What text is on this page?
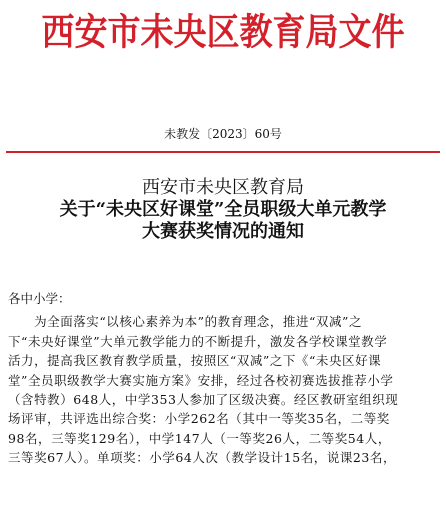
西安市未央区教育局文件
未教发〔2023〕60号
西安市未央区教育局
关于“未央区好课堂”全员职级大单元教学
大赛获奖情况的通知

各中小学：

　　为全面落实“以核心素养为本”的教育理念，推进“双减”之
下“未央好课堂”大单元教学能力的不断提升，激发各学校课堂教学
活力，提高我区教育教学质量，按照区“双减”之下《“未央区好课
堂”全员职级教学大赛实施方案》安排，经过各校初赛选拔推荐小学
（含特教）648人，中学353人参加了区级决赛。经区教研室组织现
场评审，共评选出综合奖：小学262名（其中一等奖35名，二等奖
98名，三等奖129名），中学147人（一等奖26人，二等奖54人，
三等奖67人）。单项奖：小学64人次（教学设计15名，说课23名，
